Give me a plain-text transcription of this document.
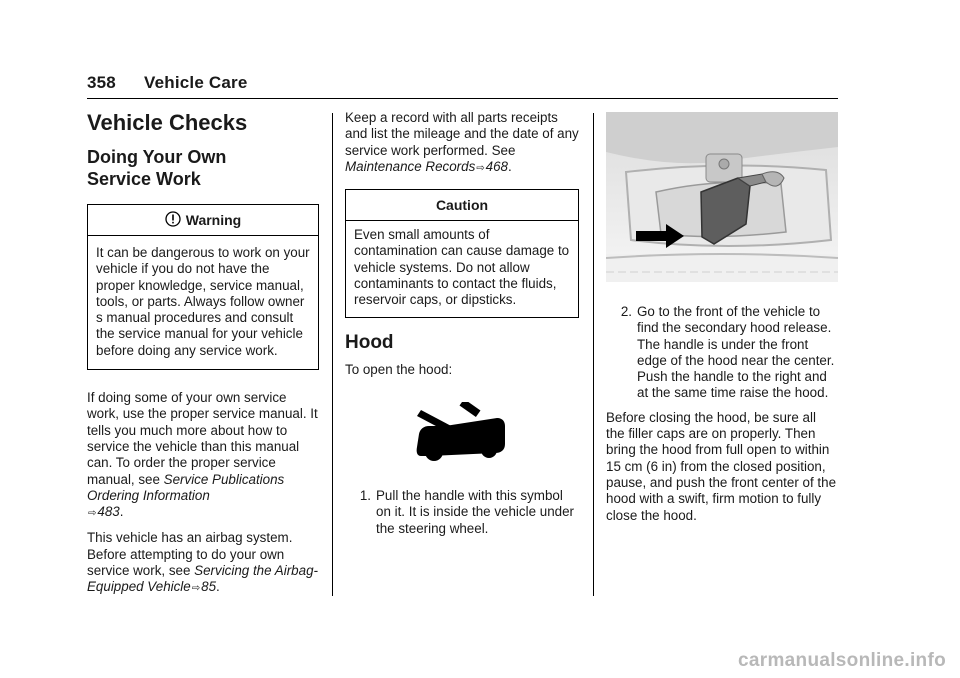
358 Vehicle Care
Vehicle Checks
Doing Your Own Service Work
Warning
It can be dangerous to work on your vehicle if you do not have the proper knowledge, service manual, tools, or parts. Always follow owner s manual procedures and consult the service manual for your vehicle before doing any service work.

If doing some of your own service work, use the proper service manual. It tells you much more about how to service the vehicle than this manual can. To order the proper service manual, see Service Publications Ordering Information
⇨483.

This vehicle has an airbag system. Before attempting to do your own service work, see Servicing the Airbag-Equipped Vehicle⇨85.

Keep a record with all parts receipts and list the mileage and the date of any service work performed. See Maintenance Records⇨468.

Caution
Even small amounts of contamination can cause damage to vehicle systems. Do not allow contaminants to contact the fluids, reservoir caps, or dipsticks.
Hood

To open the hood:

1. Pull the handle with this symbol on it. It is inside the vehicle under the steering wheel.
2. Go to the front of the vehicle to find the secondary hood release. The handle is under the front edge of the hood near the center. Push the handle to the right and at the same time raise the hood.

Before closing the hood, be sure all the filler caps are on properly. Then bring the hood from full open to within 15 cm (6 in) from the closed position, pause, and push the front center of the hood with a swift, firm motion to fully close the hood.

carmanualsonline.info
